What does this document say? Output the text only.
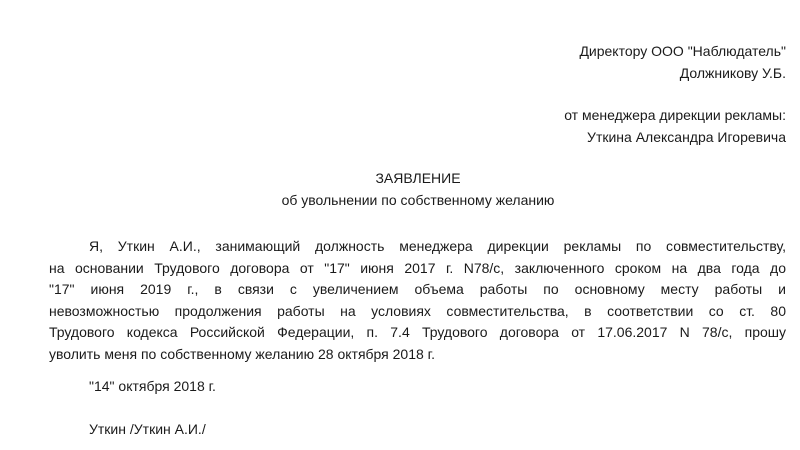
Директору ООО "Наблюдатель"
Должникову У.Б.
от менеджера дирекции рекламы:
Уткина Александра Игоревича
ЗАЯВЛЕНИЕ
об увольнении по собственному желанию
Я, Уткин А.И., занимающий должность менеджера дирекции рекламы по совместительству,
на основании Трудового договора от "17" июня 2017 г. N78/с, заключенного сроком на два года до
"17" июня 2019 г., в связи с увеличением объема работы по основному месту работы и
невозможностью продолжения работы на условиях совместительства, в соответствии со ст. 80
Трудового кодекса Российской Федерации, п. 7.4 Трудового договора от 17.06.2017 N 78/с, прошу
уволить меня по собственному желанию 28 октября 2018 г.
"14" октября 2018 г.
Уткин /Уткин А.И./
